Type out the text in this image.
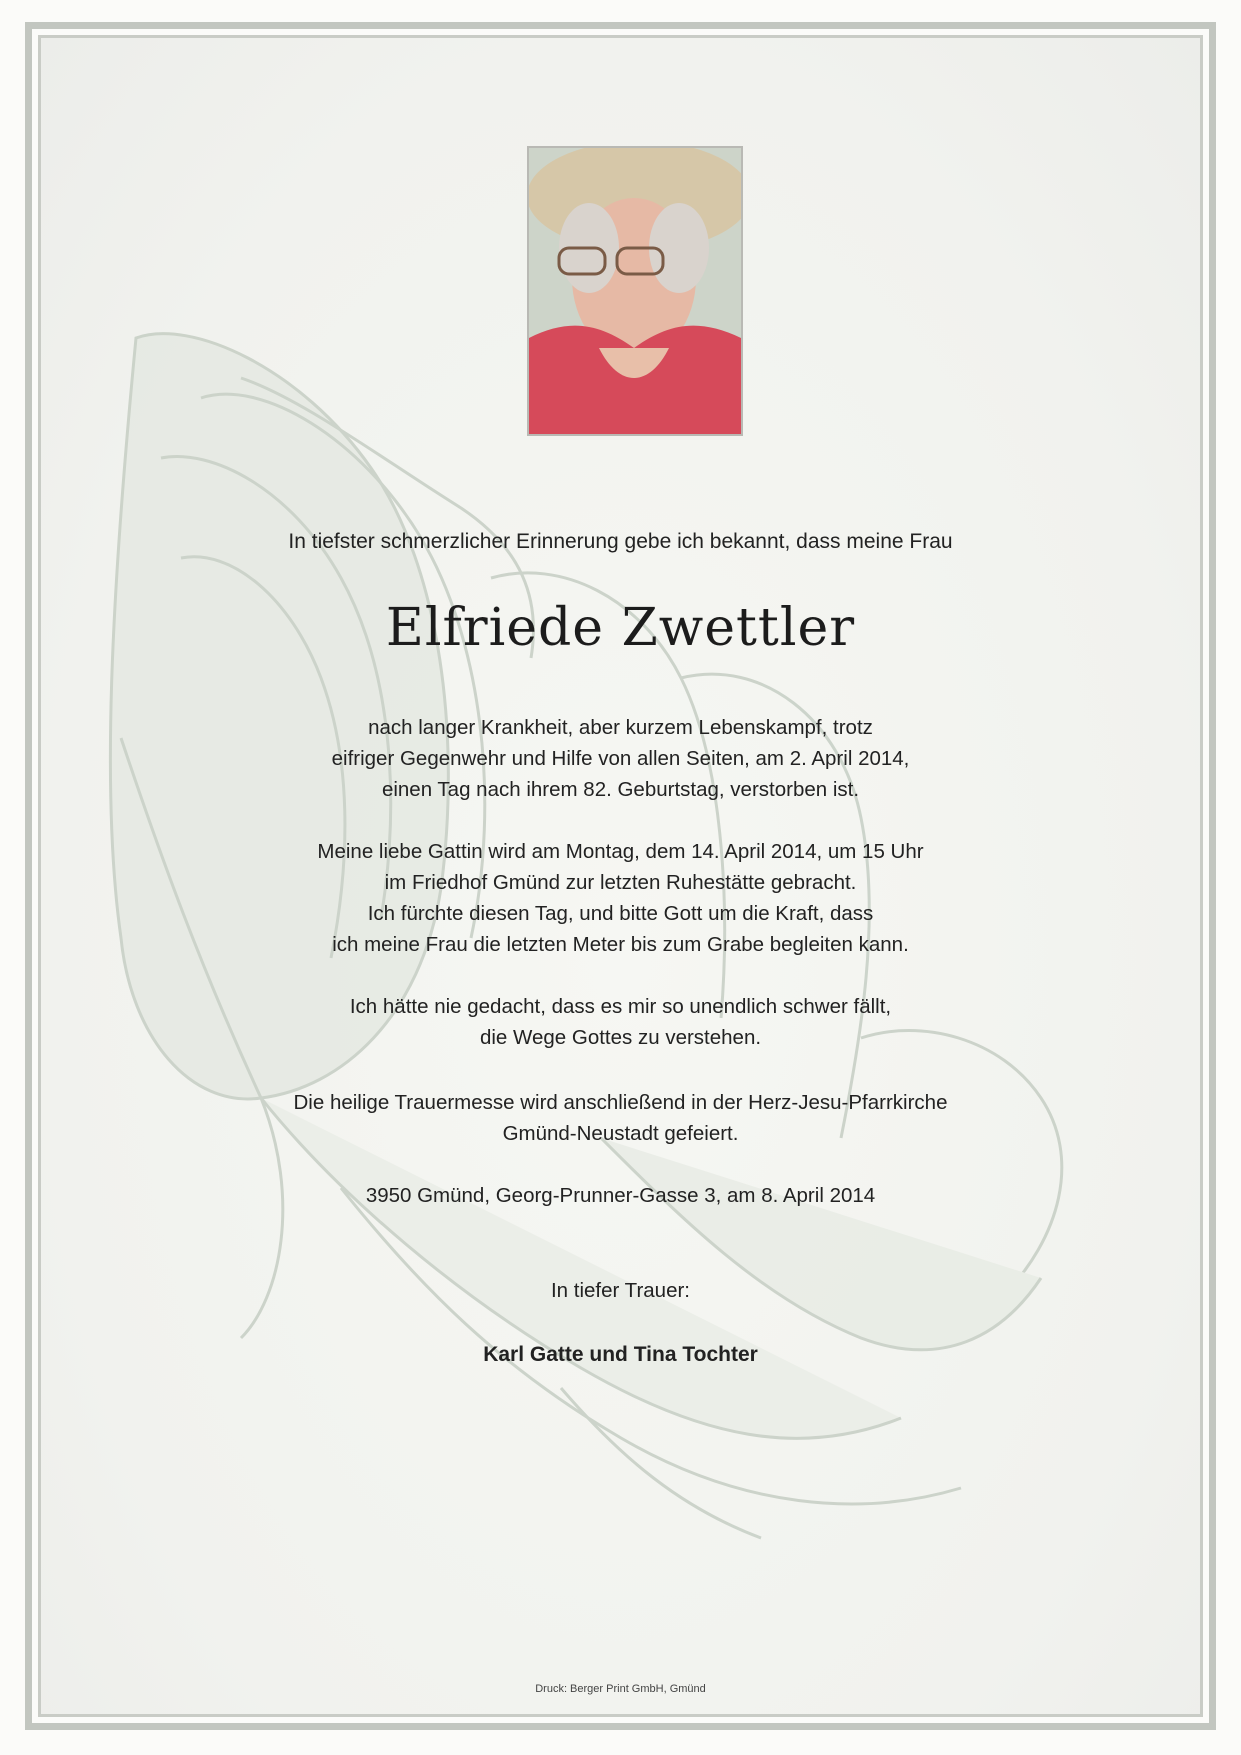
In tiefster schmerzlicher Erinnerung gebe ich bekannt, dass meine Frau
Elfriede Zwettler
nach langer Krankheit, aber kurzem Lebenskampf, trotz
eifriger Gegenwehr und Hilfe von allen Seiten, am 2. April 2014,
einen Tag nach ihrem 82. Geburtstag, verstorben ist.
Meine liebe Gattin wird am Montag, dem 14. April 2014, um 15 Uhr
im Friedhof Gmünd zur letzten Ruhestätte gebracht.
Ich fürchte diesen Tag, und bitte Gott um die Kraft, dass
ich meine Frau die letzten Meter bis zum Grabe begleiten kann.
Ich hätte nie gedacht, dass es mir so unendlich schwer fällt,
die Wege Gottes zu verstehen.
Die heilige Trauermesse wird anschließend in der Herz-Jesu-Pfarrkirche
Gmünd-Neustadt gefeiert.
3950 Gmünd, Georg-Prunner-Gasse 3, am 8. April 2014
In tiefer Trauer:
Karl Gatte und Tina Tochter
Druck: Berger Print GmbH, Gmünd
